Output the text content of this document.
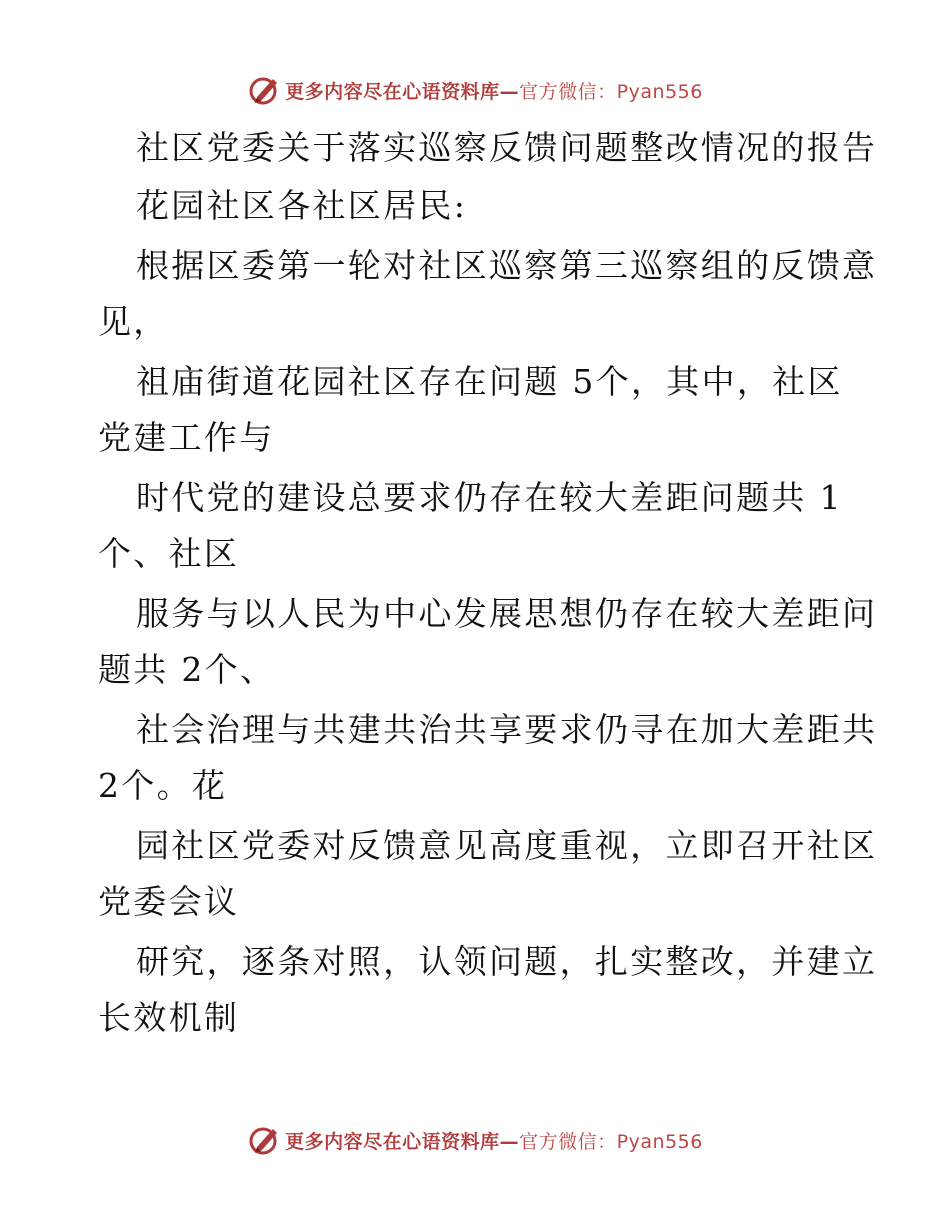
更多内容尽在心语资料库—官方微信：Pyan556
社区党委关于落实巡察反馈问题整改情况的报告
花园社区各社区居民:
根据区委第一轮对社区巡察第三巡察组的反馈意
见，
祖庙街道花园社区存在问题 5个，其中，社区
党建工作与
时代党的建设总要求仍存在较大差距问题共 1
个、社区
服务与以人民为中心发展思想仍存在较大差距问
题共 2个、
社会治理与共建共治共享要求仍寻在加大差距共
2个。花
园社区党委对反馈意见高度重视，立即召开社区
党委会议
研究，逐条对照，认领问题，扎实整改，并建立
长效机制
更多内容尽在心语资料库—官方微信：Pyan556
